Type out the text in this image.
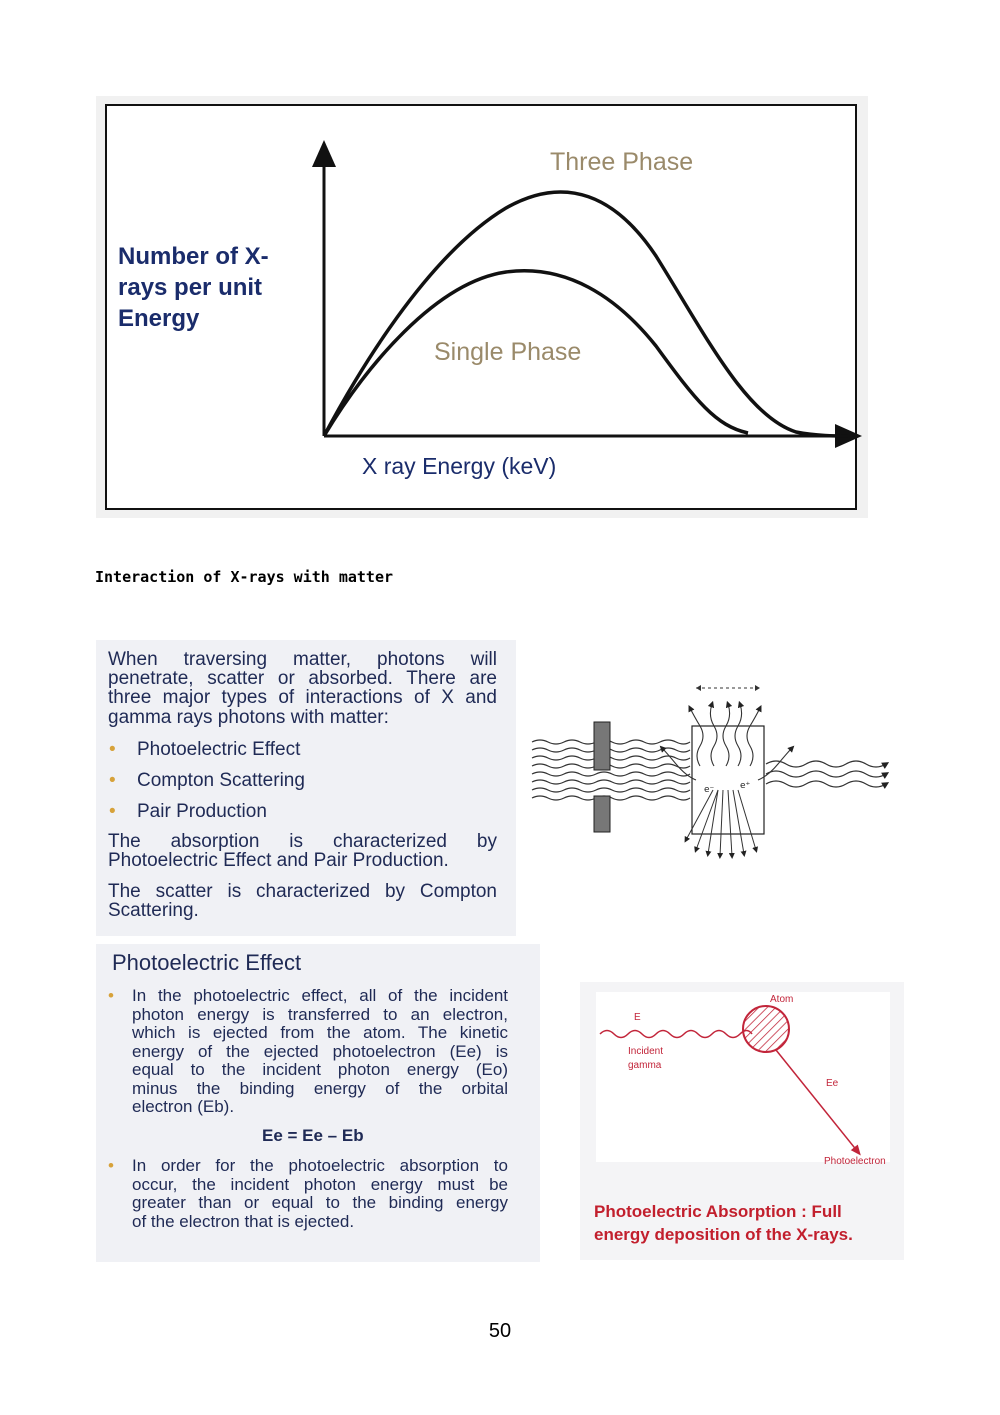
Number of X-
rays per unit
Energy
Three Phase
Single Phase
X ray Energy (keV)
Interaction of X-rays with matter
When traversing matter, photons will
penetrate, scatter or absorbed. There are
three major types of interactions of X and
gamma rays photons with matter:
• Photoelectric Effect
• Compton Scattering
• Pair Production
The absorption is characterized by
Photoelectric Effect and Pair Production.
The scatter is characterized by Compton
Scattering.
e⁻	e⁺
Photoelectric Effect
• In the photoelectric effect, all of the incident
photon energy is transferred to an electron,
which is ejected from the atom. The kinetic
energy of the ejected photoelectron (Ee) is
equal to the incident photon energy (Eo)
minus the binding energy of the orbital
electron (Eb).
Ee = Ee – Eb
• In order for the photoelectric absorption to
occur, the incident photon energy must be
greater than or equal to the binding energy
of the electron that is ejected.
Atom
E
Incident
gamma
Ee
Photoelectron
Photoelectric Absorption : Full
energy deposition of the X-rays.
50
